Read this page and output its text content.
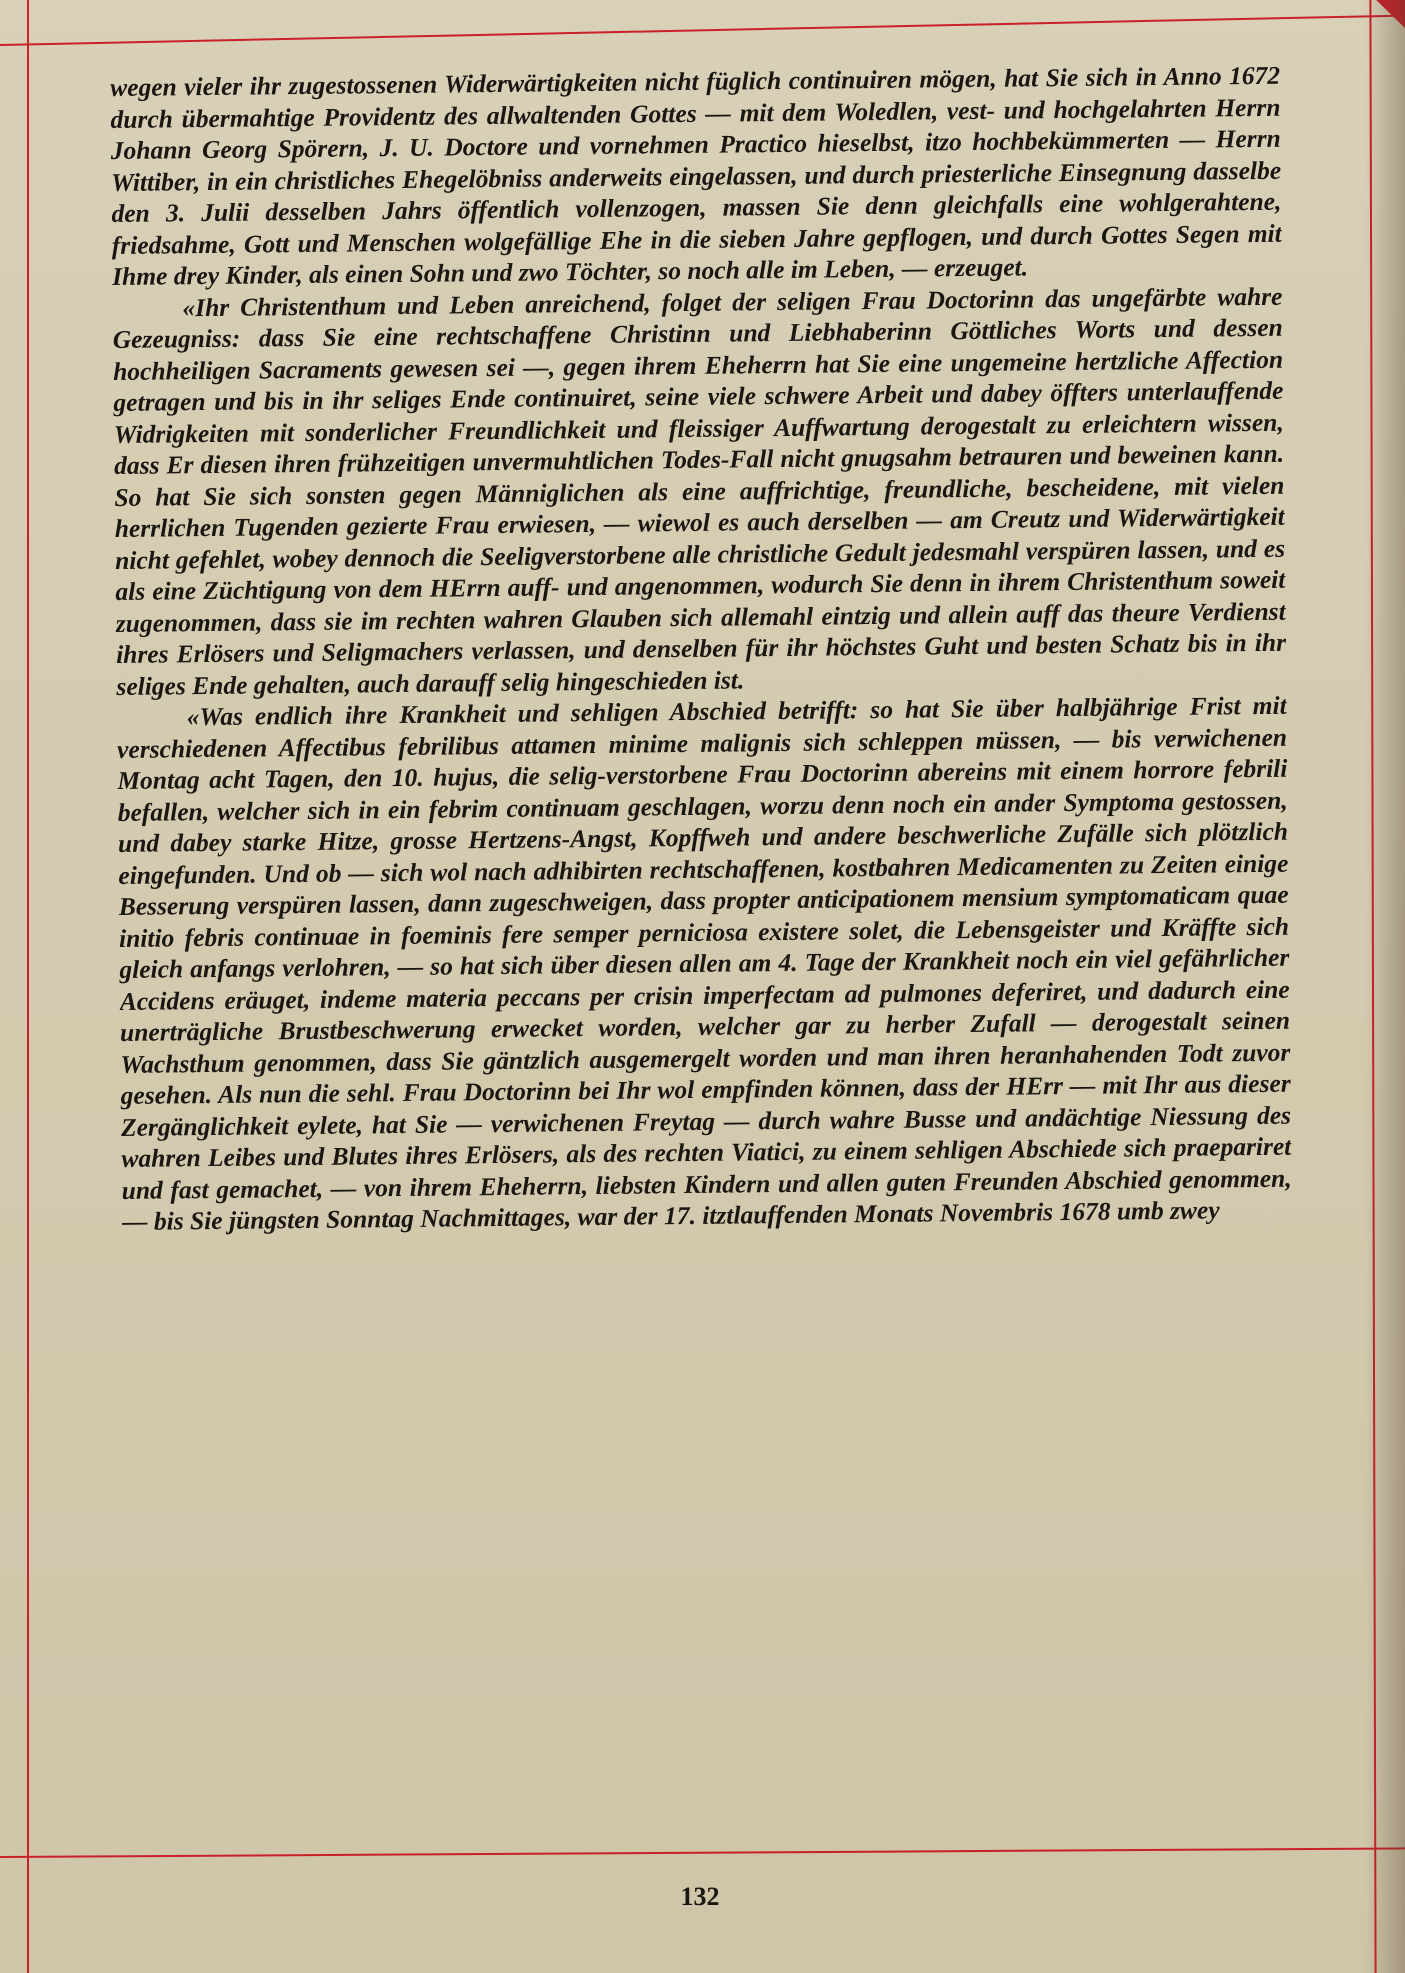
wegen vieler ihr zugestossenen Widerwärtigkeiten nicht füglich continuiren mögen, hat Sie sich in Anno 1672 durch übermahtige Providentz des allwaltenden Gottes — mit dem Woledlen, vest- und hochgelahrten Herrn Johann Georg Spörern, J. U. Doctore und vornehmen Practico hieselbst, itzo hochbekümmerten — Herrn Wittiber, in ein christliches Ehegelöbniss anderweits eingelassen, und durch priesterliche Einsegnung dasselbe den 3. Julii desselben Jahrs öffentlich vollenzogen, massen Sie denn gleichfalls eine wohlgerahtene, friedsahme, Gott und Menschen wolgefällige Ehe in die sieben Jahre gepflogen, und durch Gottes Segen mit Ihme drey Kinder, als einen Sohn und zwo Töchter, so noch alle im Leben, — erzeuget.

«Ihr Christenthum und Leben anreichend, folget der seligen Frau Doctorinn das ungefärbte wahre Gezeugniss: dass Sie eine rechtschaffene Christinn und Liebhaberinn Göttliches Worts und dessen hochheiligen Sacraments gewesen sei —, gegen ihrem Eheherrn hat Sie eine ungemeine hertzliche Affection getragen und bis in ihr seliges Ende continuiret, seine viele schwere Arbeit und dabey öffters unterlauffende Widrigkeiten mit sonderlicher Freundlichkeit und fleissiger Auffwartung derogestalt zu erleichtern wissen, dass Er diesen ihren frühzeitigen unvermuhtlichen Todes-Fall nicht gnugsahm betrauren und beweinen kann. So hat Sie sich sonsten gegen Männiglichen als eine auffrichtige, freundliche, bescheidene, mit vielen herrlichen Tugenden gezierte Frau erwiesen, — wiewol es auch derselben — am Creutz und Widerwärtigkeit nicht gefehlet, wobey dennoch die Seeligverstorbene alle christliche Gedult jedesmahl verspüren lassen, und es als eine Züchtigung von dem HErrn auff- und angenommen, wodurch Sie denn in ihrem Christenthum soweit zugenommen, dass sie im rechten wahren Glauben sich allemahl eintzig und allein auff das theure Verdienst ihres Erlösers und Seligmachers verlassen, und denselben für ihr höchstes Guht und besten Schatz bis in ihr seliges Ende gehalten, auch darauff selig hingeschieden ist.

«Was endlich ihre Krankheit und sehligen Abschied betrifft: so hat Sie über halbjährige Frist mit verschiedenen Affectibus febrilibus attamen minime malignis sich schleppen müssen, — bis verwichenen Montag acht Tagen, den 10. hujus, die selig-verstorbene Frau Doctorinn abereins mit einem horrore febrili befallen, welcher sich in ein febrim continuam geschlagen, worzu denn noch ein ander Symptoma gestossen, und dabey starke Hitze, grosse Hertzens-Angst, Kopffweh und andere beschwerliche Zufälle sich plötzlich eingefunden. Und ob — sich wol nach adhibirten rechtschaffenen, kostbahren Medicamenten zu Zeiten einige Besserung verspüren lassen, dann zugeschweigen, dass propter anticipationem mensium symptomaticam quae initio febris continuae in foeminis fere semper perniciosa existere solet, die Lebensgeister und Kräffte sich gleich anfangs verlohren, — so hat sich über diesen allen am 4. Tage der Krankheit noch ein viel gefährlicher Accidens eräuget, indeme materia peccans per crisin imperfectam ad pulmones deferiret, und dadurch eine unerträgliche Brustbeschwerung erwecket worden, welcher gar zu herber Zufall — derogestalt seinen Wachsthum genommen, dass Sie gäntzlich ausgemergelt worden und man ihren heranhahenden Todt zuvor gesehen. Als nun die sehl. Frau Doctorinn bei Ihr wol empfinden können, dass der HErr — mit Ihr aus dieser Zergänglichkeit eylete, hat Sie — verwichenen Freytag — durch wahre Busse und andächtige Niessung des wahren Leibes und Blutes ihres Erlösers, als des rechten Viatici, zu einem sehligen Abschiede sich praepariret und fast gemachet, — von ihrem Eheherrn, liebsten Kindern und allen guten Freunden Abschied genommen, — bis Sie jüngsten Sonntag Nachmittages, war der 17. itztlauffenden Monats Novembris 1678 umb zwey

132
